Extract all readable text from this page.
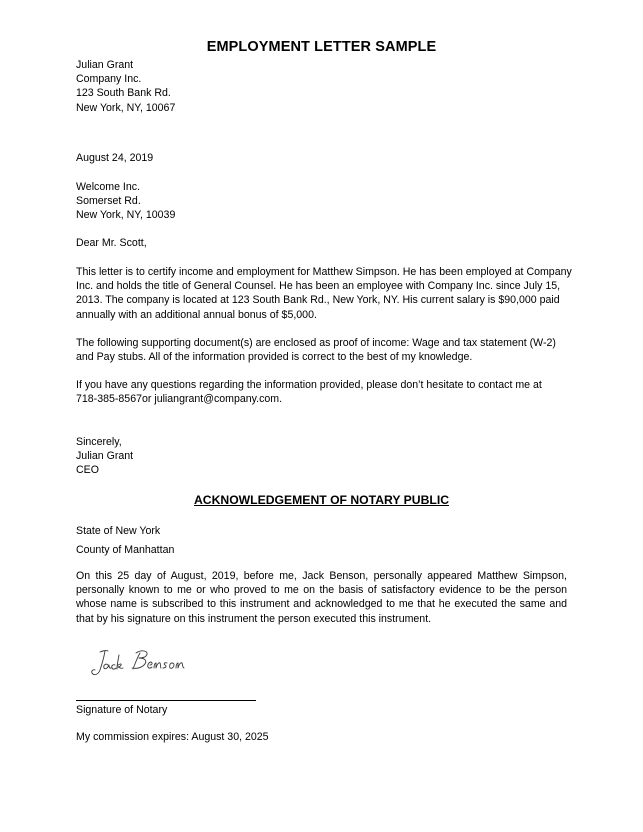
EMPLOYMENT LETTER SAMPLE
Julian Grant
Company Inc.
123 South Bank Rd.
New York, NY, 10067
August 24, 2019
Welcome Inc.
Somerset Rd.
New York, NY, 10039
Dear Mr. Scott,
This letter is to certify income and employment for Matthew Simpson. He has been employed at Company
Inc. and holds the title of General Counsel. He has been an employee with Company Inc. since July 15,
2013. The company is located at 123 South Bank Rd., New York, NY. His current salary is $90,000 paid
annually with an additional annual bonus of $5,000.
The following supporting document(s) are enclosed as proof of income: Wage and tax statement (W-2)
and Pay stubs. All of the information provided is correct to the best of my knowledge.
If you have any questions regarding the information provided, please don’t hesitate to contact me at
718-385-8567or juliangrant@company.com.
Sincerely,
Julian Grant
CEO
ACKNOWLEDGEMENT OF NOTARY PUBLIC
State of New York
County of Manhattan
On this 25 day of August, 2019, before me, Jack Benson, personally appeared Matthew Simpson,
personally known to me or who proved to me on the basis of satisfactory evidence to be the person
whose name is subscribed to this instrument and acknowledged to me that he executed the same and
that by his signature on this instrument the person executed this instrument.
Signature of Notary
My commission expires: August 30, 2025
